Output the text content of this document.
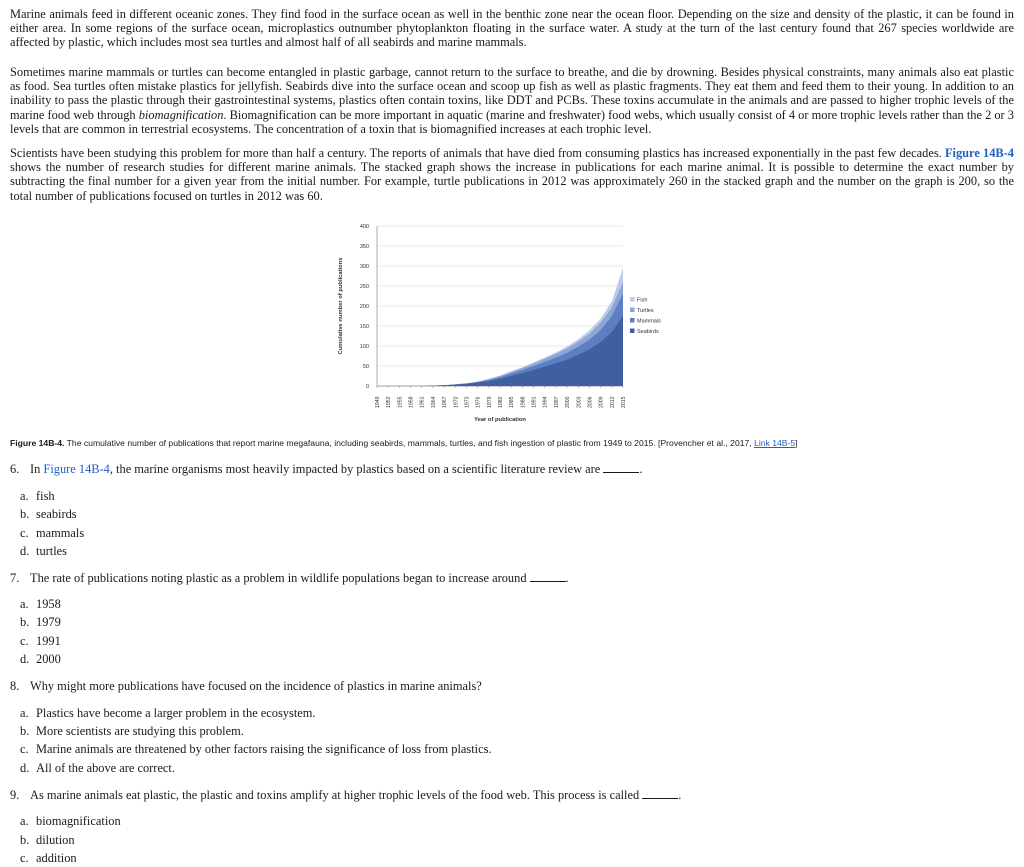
Marine animals feed in different oceanic zones. They find food in the surface ocean as well in the benthic zone near the ocean floor. Depending on the size and density of the plastic, it can be found in either area. In some regions of the surface ocean, microplastics outnumber phytoplankton floating in the surface water. A study at the turn of the last century found that 267 species worldwide are affected by plastic, which includes most sea turtles and almost half of all seabirds and marine mammals.

Sometimes marine mammals or turtles can become entangled in plastic garbage, cannot return to the surface to breathe, and die by drowning. Besides physical constraints, many animals also eat plastic as food. Sea turtles often mistake plastics for jellyfish. Seabirds dive into the surface ocean and scoop up fish as well as plastic fragments. They eat them and feed them to their young. In addition to an inability to pass the plastic through their gastrointestinal systems, plastics often contain toxins, like DDT and PCBs. These toxins accumulate in the animals and are passed to higher trophic levels of the marine food web through biomagnification. Biomagnification can be more important in aquatic (marine and freshwater) food webs, which usually consist of 4 or more trophic levels rather than the 2 or 3 levels that are common in terrestrial ecosystems. The concentration of a toxin that is biomagnified increases at each trophic level.

Scientists have been studying this problem for more than half a century. The reports of animals that have died from consuming plastics has increased exponentially in the past few decades. Figure 14B-4 shows the number of research studies for different marine animals. The stacked graph shows the increase in publications for each marine animal. It is possible to determine the exact number by subtracting the final number for a given year from the initial number. For example, turtle publications in 2012 was approximately 260 in the stacked graph and the number on the graph is 200, so the total number of publications focused on turtles in 2012 was 60.

0
50
100
150
200
250
300
350
400
1949 1952 1955 1958 1961 1964 1967 1970 1973 1976 1979 1982 1985 1988 1991 1994 1997 2000 2003 2006 2009 2012 2015
Year of publication
Cumulative number of publications	Fish
Turtles
Mammals
Seabirds
Figure 14B-4. The cumulative number of publications that report marine megafauna, including seabirds, mammals, turtles, and fish ingestion of plastic from 1949 to 2015. [Provencher et al., 2017, Link 14B-5]

6. In Figure 14B-4, the marine organisms most heavily impacted by plastics based on a scientific literature review are	.

a. fish

b. seabirds

c. mammals

d. turtles

7. The rate of publications noting plastic as a problem in wildlife populations began to increase around	.

a. 1958

b. 1979

c. 1991

d. 2000

8. Why might more publications have focused on the incidence of plastics in marine animals?

a. Plastics have become a larger problem in the ecosystem.

b. More scientists are studying this problem.

c. Marine animals are threatened by other factors raising the significance of loss from plastics.

d. All of the above are correct.

9. As marine animals eat plastic, the plastic and toxins amplify at higher trophic levels of the food web. This process is called	.

a. biomagnification

b. dilution

c. addition
